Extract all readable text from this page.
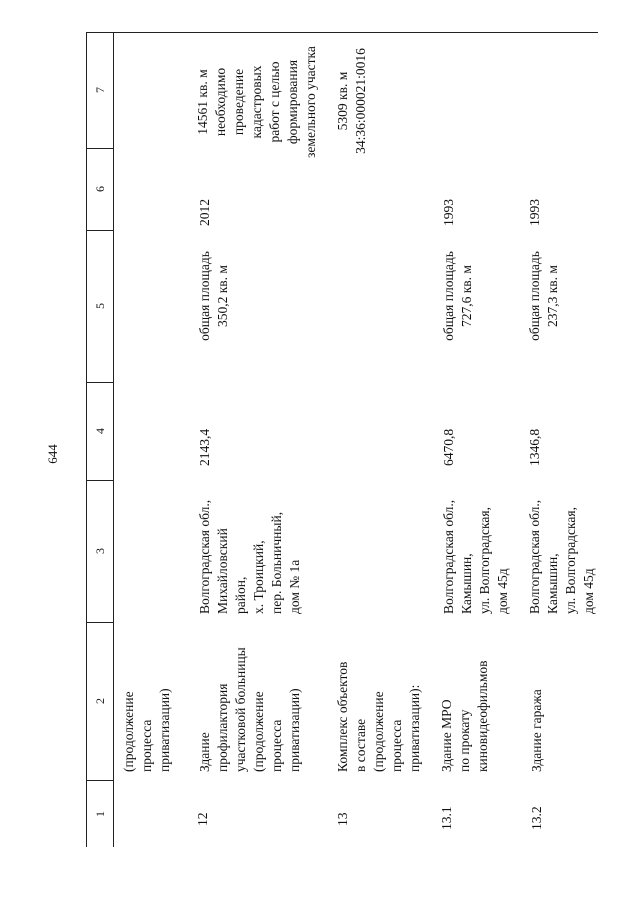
644
1
2
3
4
5
6
7
(продолжение
процесса
приватизации)
12
Здание
профилактория
участковой больницы
(продолжение
процесса
приватизации)
Волгоградская обл.,
Михайловский
район,
х. Троицкий,
пер. Больничный,
дом № 1а
2143,4
общая площадь
350,2 кв. м
2012
14561 кв. м
необходимо
проведение
кадастровых
работ с целью
формирования
земельного участка
13
Комплекс объектов
в составе
(продолжение
процесса
приватизации):
5309 кв. м
34:36:000021:0016
13.1
Здание МРО
по прокату
киновидеофильмов
Волгоградская обл.,
Камышин,
ул. Волгоградская,
дом 45д
6470,8
общая площадь
727,6 кв. м
1993
13.2
Здание гаража
Волгоградская обл.,
Камышин,
ул. Волгоградская,
дом 45д
1346,8
общая площадь
237,3 кв. м
1993
